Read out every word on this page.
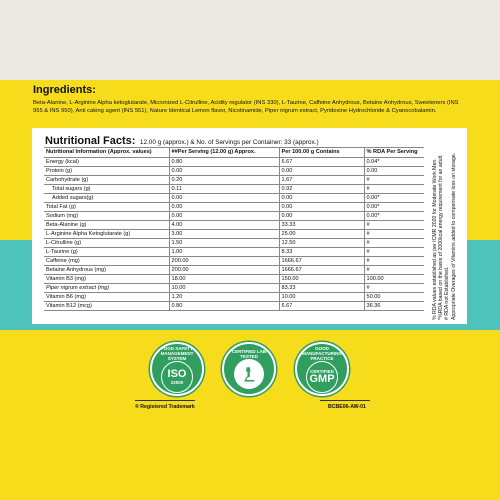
Ingredients:

Beta-Alanine, L-Arginine Alpha ketoglutarate, Micronized L-Citrulline, Acidity regulator (INS 330), L-Taurine, Caffeine Anhydrous, Betaine Anhydrous, Sweeteners (INS 955 & INS 950), Anti caking agent (INS 551), Nature Identical Lemon flavor, Nicotinamide, Piper nigrum extract, Pyridoxine Hydrochloride & Cyanocobalamin.

Nutritional Facts: 12.00 g (approx.) & No. of Servings per Container: 33 (approx.)
Nutritional Information (Approx. values)	##Per Serving (12.00 g) Approx.	Per 100.00 g Contains	% RDA Per Serving
Energy (kcal)	0.80	6.67	0.04*
Protein (g)	0.00	0.00	0.00
Carbohydrate (g)	0.20	1.67	#
Total sugars (g)	0.11	0.92	#
Added sugars(g)	0.00	0.00	0.00*
Total Fat (g)	0.00	0.00	0.00*
Sodium (mg)	0.00	0.00	0.00*
Beta-Alanine (g)	4.00	33.33	#
L-Arginine Alpha Ketoglutarate (g)	3.00	25.00	#
L-Citrulline (g)	1.50	12.50	#
L-Taurine (g)	1.00	8.33	#
Caffeine (mg)	200.00	1666.67	#
Betaine Anhydrous (mg)	200.00	1666.67	#
Vitamin B3 (mg)	18.00	150.00	100.00
Piper nigrum extract (mg)	10.00	83.33	#
Vitamin B6 (mg)	1.20	10.00	50.00
Vitamin B12 (mcg)	0.80	6.67	36.36	% RDA values established as per ICMR 2020 for Moderate Work Men. *%RDA based on the basis of 2000kcal energy requirement for an adult. # RDA not Established. Appropriate Overages of Vitamins added to compensate loss on storage.

FOOD SAFETY MANAGEMENT SYSTEM
ISO
22000
CERTIFIED LAB TESTED
GOOD MANUFACTURING PRACTICE
CERTIFIED
GMP
® Registered Trademark	BCBE06-AW-01
